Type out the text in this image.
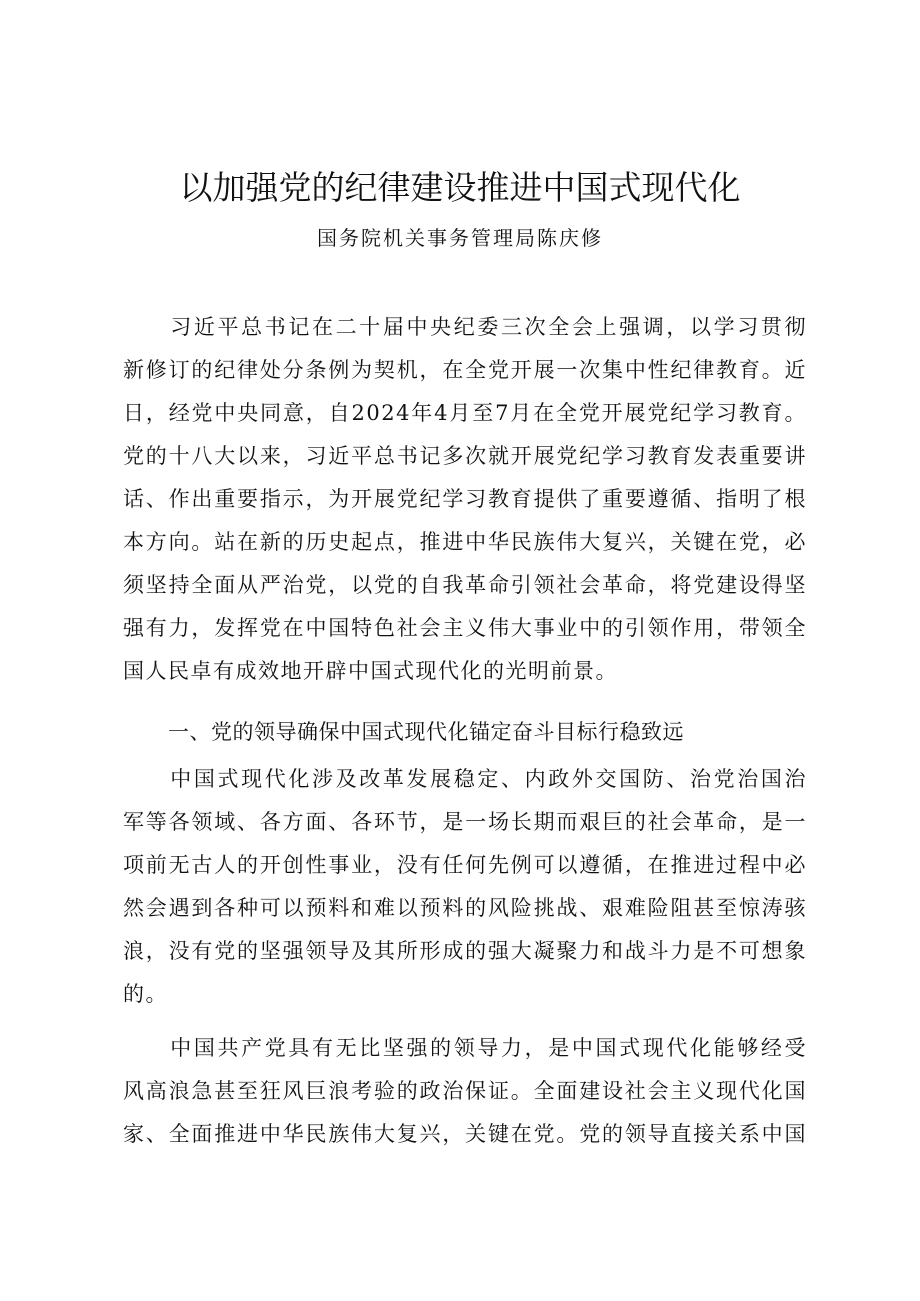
以加强党的纪律建设推进中国式现代化
国务院机关事务管理局陈庆修
　　习近平总书记在二十届中央纪委三次全会上强调，以学习贯彻
新修订的纪律处分条例为契机，在全党开展一次集中性纪律教育。近
日，经党中央同意，自2024年4月至7月在全党开展党纪学习教育。
党的十八大以来，习近平总书记多次就开展党纪学习教育发表重要讲
话、作出重要指示，为开展党纪学习教育提供了重要遵循、指明了根
本方向。站在新的历史起点，推进中华民族伟大复兴，关键在党，必
须坚持全面从严治党，以党的自我革命引领社会革命，将党建设得坚
强有力，发挥党在中国特色社会主义伟大事业中的引领作用，带领全
国人民卓有成效地开辟中国式现代化的光明前景。
一、党的领导确保中国式现代化锚定奋斗目标行稳致远
　　中国式现代化涉及改革发展稳定、内政外交国防、治党治国治
军等各领域、各方面、各环节，是一场长期而艰巨的社会革命，是一
项前无古人的开创性事业，没有任何先例可以遵循，在推进过程中必
然会遇到各种可以预料和难以预料的风险挑战、艰难险阻甚至惊涛骇
浪，没有党的坚强领导及其所形成的强大凝聚力和战斗力是不可想象
的。
　　中国共产党具有无比坚强的领导力，是中国式现代化能够经受
风高浪急甚至狂风巨浪考验的政治保证。全面建设社会主义现代化国
家、全面推进中华民族伟大复兴，关键在党。党的领导直接关系中国
